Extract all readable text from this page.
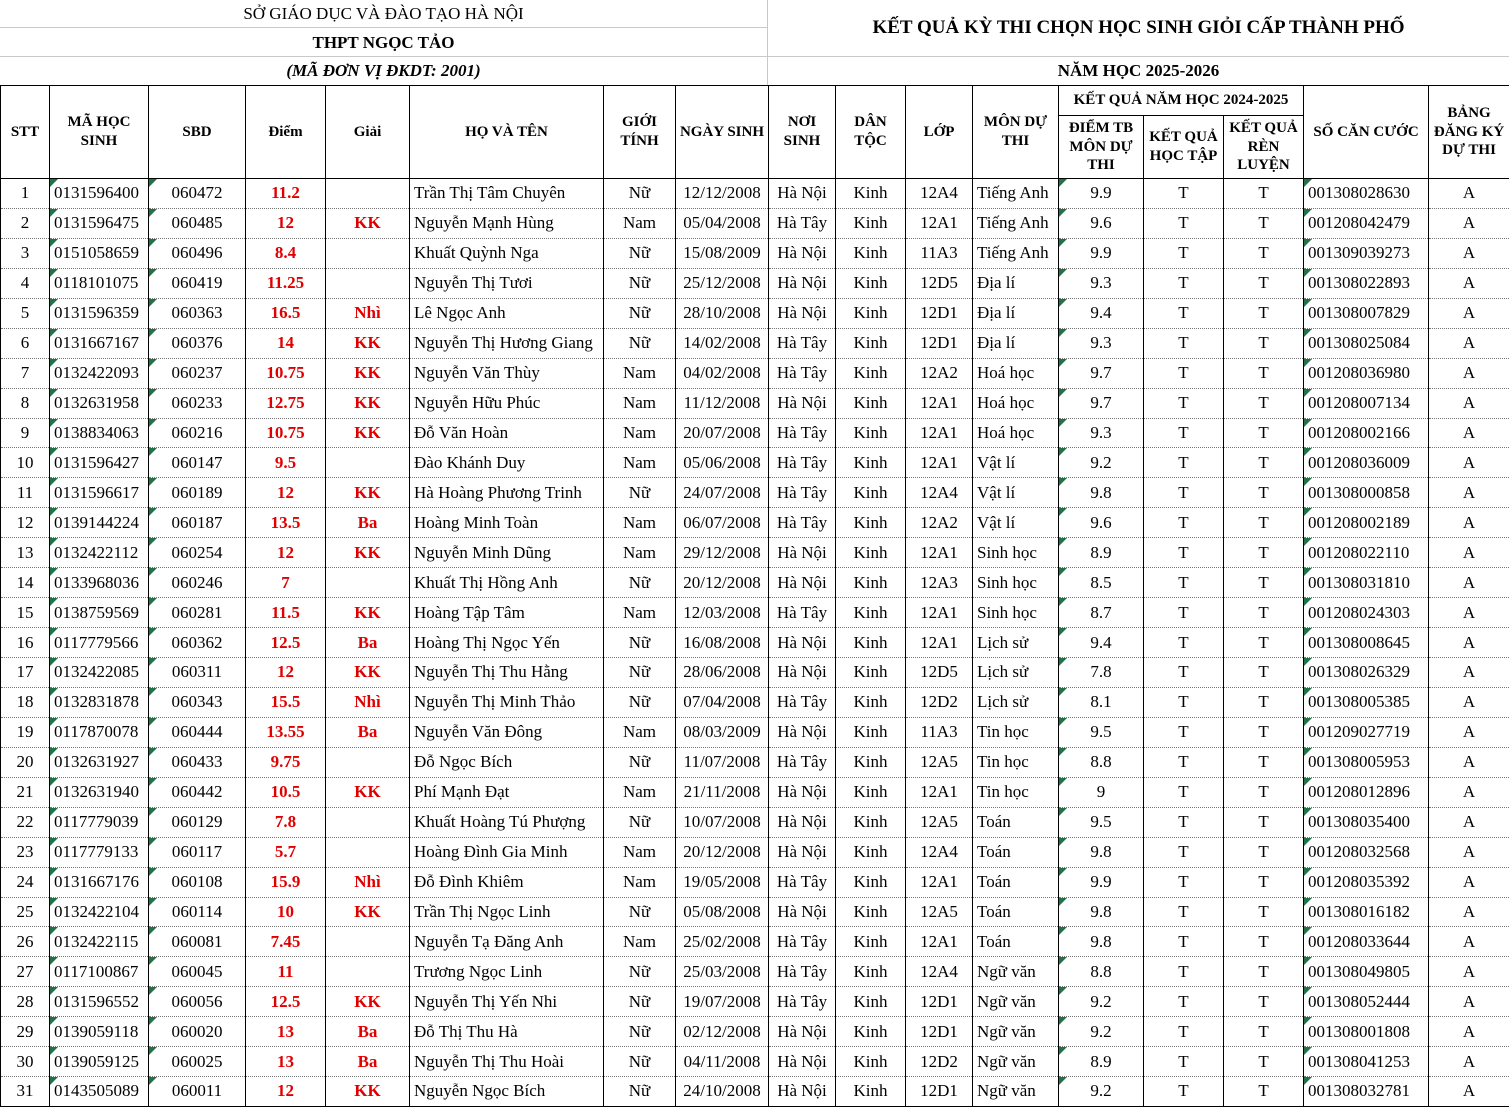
SỞ GIÁO DỤC VÀ ĐÀO TẠO HÀ NỘI
THPT NGỌC TẢO
(MÃ ĐƠN VỊ ĐKDT: 2001)
KẾT QUẢ KỲ THI CHỌN HỌC SINH GIỎI CẤP THÀNH PHỐ
NĂM HỌC 2025-2026
STT	MÃ HỌC SINH	SBD	Điểm	Giải	HỌ VÀ TÊN	GIỚI TÍNH	NGÀY SINH	NƠI SINH	DÂN TỘC	LỚP	MÔN DỰ THI	KẾT QUẢ NĂM HỌC 2024-2025			SỐ CĂN CƯỚC	BẢNG ĐĂNG KÝ DỰ THI
												ĐIỂM TB MÔN DỰ THI	KẾT QUẢ HỌC TẬP	KẾT QUẢ RÈN LUYỆN		
1	0131596400	060472	11.2		Trần Thị Tâm Chuyên	Nữ	12/12/2008	Hà Nội	Kinh	12A4	Tiếng Anh	9.9	T	T	001308028630	A
2	0131596475	060485	12	KK	Nguyễn Mạnh Hùng	Nam	05/04/2008	Hà Tây	Kinh	12A1	Tiếng Anh	9.6	T	T	001208042479	A
3	0151058659	060496	8.4		Khuất Quỳnh Nga	Nữ	15/08/2009	Hà Nội	Kinh	11A3	Tiếng Anh	9.9	T	T	001309039273	A
4	0118101075	060419	11.25		Nguyễn Thị Tươi	Nữ	25/12/2008	Hà Nội	Kinh	12D5	Địa lí	9.3	T	T	001308022893	A
5	0131596359	060363	16.5	Nhì	Lê Ngọc Anh	Nữ	28/10/2008	Hà Nội	Kinh	12D1	Địa lí	9.4	T	T	001308007829	A
6	0131667167	060376	14	KK	Nguyễn Thị Hương Giang	Nữ	14/02/2008	Hà Tây	Kinh	12D1	Địa lí	9.3	T	T	001308025084	A
7	0132422093	060237	10.75	KK	Nguyễn Văn Thùy	Nam	04/02/2008	Hà Tây	Kinh	12A2	Hoá học	9.7	T	T	001208036980	A
8	0132631958	060233	12.75	KK	Nguyễn Hữu Phúc	Nam	11/12/2008	Hà Nội	Kinh	12A1	Hoá học	9.7	T	T	001208007134	A
9	0138834063	060216	10.75	KK	Đỗ Văn Hoàn	Nam	20/07/2008	Hà Tây	Kinh	12A1	Hoá học	9.3	T	T	001208002166	A
10	0131596427	060147	9.5		Đào Khánh Duy	Nam	05/06/2008	Hà Tây	Kinh	12A1	Vật lí	9.2	T	T	001208036009	A
11	0131596617	060189	12	KK	Hà Hoàng Phương Trinh	Nữ	24/07/2008	Hà Tây	Kinh	12A4	Vật lí	9.8	T	T	001308000858	A
12	0139144224	060187	13.5	Ba	Hoàng Minh Toàn	Nam	06/07/2008	Hà Tây	Kinh	12A2	Vật lí	9.6	T	T	001208002189	A
13	0132422112	060254	12	KK	Nguyễn Minh Dũng	Nam	29/12/2008	Hà Nội	Kinh	12A1	Sinh học	8.9	T	T	001208022110	A
14	0133968036	060246	7		Khuất Thị Hồng Anh	Nữ	20/12/2008	Hà Nội	Kinh	12A3	Sinh học	8.5	T	T	001308031810	A
15	0138759569	060281	11.5	KK	Hoàng Tập Tâm	Nam	12/03/2008	Hà Tây	Kinh	12A1	Sinh học	8.7	T	T	001208024303	A
16	0117779566	060362	12.5	Ba	Hoàng Thị Ngọc Yến	Nữ	16/08/2008	Hà Nội	Kinh	12A1	Lịch sử	9.4	T	T	001308008645	A
17	0132422085	060311	12	KK	Nguyễn Thị Thu Hằng	Nữ	28/06/2008	Hà Nội	Kinh	12D5	Lịch sử	7.8	T	T	001308026329	A
18	0132831878	060343	15.5	Nhì	Nguyễn Thị Minh Thảo	Nữ	07/04/2008	Hà Tây	Kinh	12D2	Lịch sử	8.1	T	T	001308005385	A
19	0117870078	060444	13.55	Ba	Nguyễn Văn Đông	Nam	08/03/2009	Hà Nội	Kinh	11A3	Tin học	9.5	T	T	001209027719	A
20	0132631927	060433	9.75		Đỗ Ngọc Bích	Nữ	11/07/2008	Hà Tây	Kinh	12A5	Tin học	8.8	T	T	001308005953	A
21	0132631940	060442	10.5	KK	Phí Mạnh Đạt	Nam	21/11/2008	Hà Nội	Kinh	12A1	Tin học	9	T	T	001208012896	A
22	0117779039	060129	7.8		Khuất Hoàng Tú Phượng	Nữ	10/07/2008	Hà Nội	Kinh	12A5	Toán	9.5	T	T	001308035400	A
23	0117779133	060117	5.7		Hoàng Đình Gia Minh	Nam	20/12/2008	Hà Nội	Kinh	12A4	Toán	9.8	T	T	001208032568	A
24	0131667176	060108	15.9	Nhì	Đỗ Đình Khiêm	Nam	19/05/2008	Hà Tây	Kinh	12A1	Toán	9.9	T	T	001208035392	A
25	0132422104	060114	10	KK	Trần Thị Ngọc Linh	Nữ	05/08/2008	Hà Nội	Kinh	12A5	Toán	9.8	T	T	001308016182	A
26	0132422115	060081	7.45		Nguyễn Tạ Đăng Anh	Nam	25/02/2008	Hà Tây	Kinh	12A1	Toán	9.8	T	T	001208033644	A
27	0117100867	060045	11		Trương Ngọc Linh	Nữ	25/03/2008	Hà Tây	Kinh	12A4	Ngữ văn	8.8	T	T	001308049805	A
28	0131596552	060056	12.5	KK	Nguyễn Thị Yến Nhi	Nữ	19/07/2008	Hà Tây	Kinh	12D1	Ngữ văn	9.2	T	T	001308052444	A
29	0139059118	060020	13	Ba	Đỗ Thị Thu Hà	Nữ	02/12/2008	Hà Nội	Kinh	12D1	Ngữ văn	9.2	T	T	001308001808	A
30	0139059125	060025	13	Ba	Nguyễn Thị Thu Hoài	Nữ	04/11/2008	Hà Nội	Kinh	12D2	Ngữ văn	8.9	T	T	001308041253	A
31	0143505089	060011	12	KK	Nguyễn Ngọc Bích	Nữ	24/10/2008	Hà Nội	Kinh	12D1	Ngữ văn	9.2	T	T	001308032781	A
